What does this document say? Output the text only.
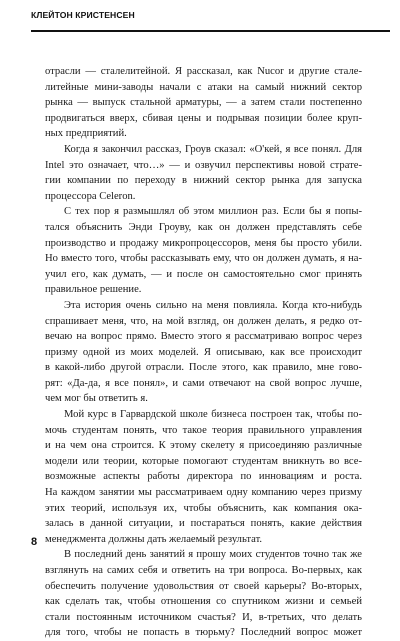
КЛЕЙТОН КРИСТЕНСЕН

отрасли — сталелитейной. Я рассказал, как Nucor и другие стале-
литейные мини-заводы начали с атаки на самый нижний сектор
рынка — выпуск стальной арматуры, — а затем стали постепенно
продвигаться вверх, сбивая цены и подрывая позиции более круп-
ных предприятий.

Когда я закончил рассказ, Гроув сказал: «О'кей, я все понял. Для
Intel это означает, что…» — и озвучил перспективы новой страте-
гии компании по переходу в нижний сектор рынка для запуска
процессора Celeron.

С тех пор я размышлял об этом миллион раз. Если бы я попы-
тался объяснить Энди Гроуву, как он должен представлять себе
производство и продажу микропроцессоров, меня бы просто убили.
Но вместо того, чтобы рассказывать ему, что он должен думать, я на-
учил его, как думать, — и после он самостоятельно смог принять
правильное решение.

Эта история очень сильно на меня повлияла. Когда кто-нибудь
спрашивает меня, что, на мой взгляд, он должен делать, я редко от-
вечаю на вопрос прямо. Вместо этого я рассматриваю вопрос через
призму одной из моих моделей. Я описываю, как все происходит
в какой-либо другой отрасли. После этого, как правило, мне гово-
рят: «Да-да, я все понял», и сами отвечают на свой вопрос лучше,
чем мог бы ответить я.

Мой курс в Гарвардской школе бизнеса построен так, чтобы по-
мочь студентам понять, что такое теория правильного управления
и на чем она строится. К этому скелету я присоединяю различные
модели или теории, которые помогают студентам вникнуть во все-
возможные аспекты работы директора по инновациям и роста.
На каждом занятии мы рассматриваем одну компанию через призму
этих теорий, используя их, чтобы объяснить, как компания ока-
залась в данной ситуации, и постараться понять, какие действия
менеджмента должны дать желаемый результат.

В последний день занятий я прошу моих студентов точно так же
взглянуть на самих себя и ответить на три вопроса. Во-первых, как
обеспечить получение удовольствия от своей карьеры? Во-вторых,
как сделать так, чтобы отношения со спутником жизни и семьей
стали постоянным источником счастья? И, в-третьих, что делать
для того, чтобы не попасть в тюрьму? Последний вопрос может

8
